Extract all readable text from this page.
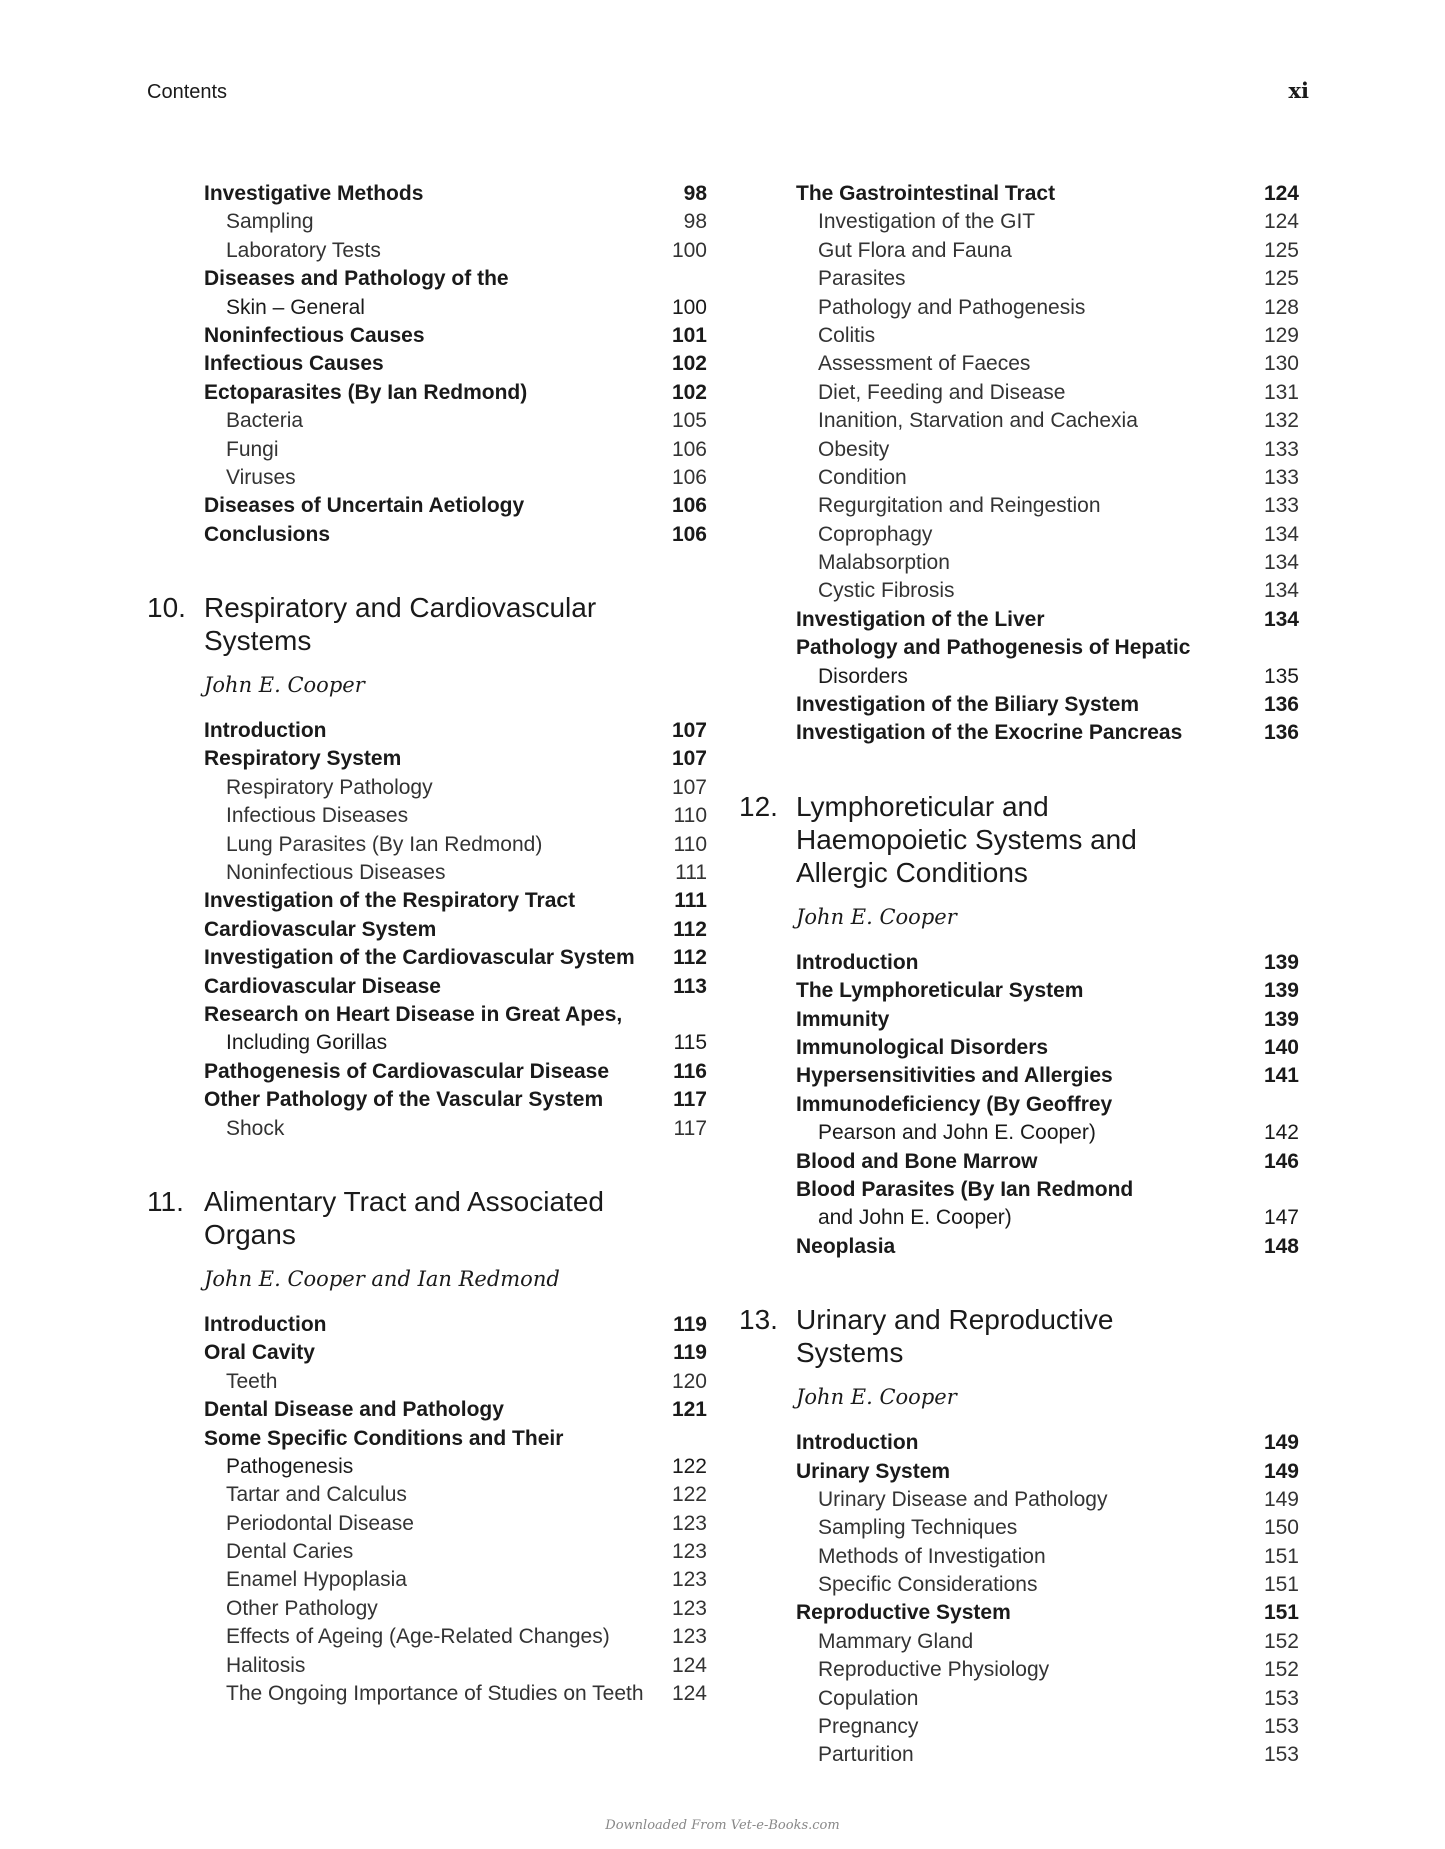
Contents	xi
Investigative Methods	98
Sampling	98
Laboratory Tests	100
Diseases and Pathology of the
Skin – General	100
Noninfectious Causes	101
Infectious Causes	102
Ectoparasites (By Ian Redmond)	102
Bacteria	105
Fungi	106
Viruses	106
Diseases of Uncertain Aetiology	106
Conclusions	106
10. Respiratory and Cardiovascular Systems
John E. Cooper
Introduction	107
Respiratory System	107
Respiratory Pathology	107
Infectious Diseases	110
Lung Parasites (By Ian Redmond)	110
Noninfectious Diseases	111
Investigation of the Respiratory Tract	111
Cardiovascular System	112
Investigation of the Cardiovascular System	112
Cardiovascular Disease	113
Research on Heart Disease in Great Apes,
Including Gorillas	115
Pathogenesis of Cardiovascular Disease	116
Other Pathology of the Vascular System	117
Shock	117
11. Alimentary Tract and Associated Organs
John E. Cooper and Ian Redmond
Introduction	119
Oral Cavity	119
Teeth	120
Dental Disease and Pathology	121
Some Specific Conditions and Their
Pathogenesis	122
Tartar and Calculus	122
Periodontal Disease	123
Dental Caries	123
Enamel Hypoplasia	123
Other Pathology	123
Effects of Ageing (Age-Related Changes)	123
Halitosis	124
The Ongoing Importance of Studies on Teeth	124
The Gastrointestinal Tract	124
Investigation of the GIT	124
Gut Flora and Fauna	125
Parasites	125
Pathology and Pathogenesis	128
Colitis	129
Assessment of Faeces	130
Diet, Feeding and Disease	131
Inanition, Starvation and Cachexia	132
Obesity	133
Condition	133
Regurgitation and Reingestion	133
Coprophagy	134
Malabsorption	134
Cystic Fibrosis	134
Investigation of the Liver	134
Pathology and Pathogenesis of Hepatic
Disorders	135
Investigation of the Biliary System	136
Investigation of the Exocrine Pancreas	136
12. Lymphoreticular and Haemopoietic Systems and Allergic Conditions
John E. Cooper
Introduction	139
The Lymphoreticular System	139
Immunity	139
Immunological Disorders	140
Hypersensitivities and Allergies	141
Immunodeficiency (By Geoffrey
Pearson and John E. Cooper)	142
Blood and Bone Marrow	146
Blood Parasites (By Ian Redmond
and John E. Cooper)	147
Neoplasia	148
13. Urinary and Reproductive Systems
John E. Cooper
Introduction	149
Urinary System	149
Urinary Disease and Pathology	149
Sampling Techniques	150
Methods of Investigation	151
Specific Considerations	151
Reproductive System	151
Mammary Gland	152
Reproductive Physiology	152
Copulation	153
Pregnancy	153
Parturition	153
Downloaded From Vet-e-Books.com
